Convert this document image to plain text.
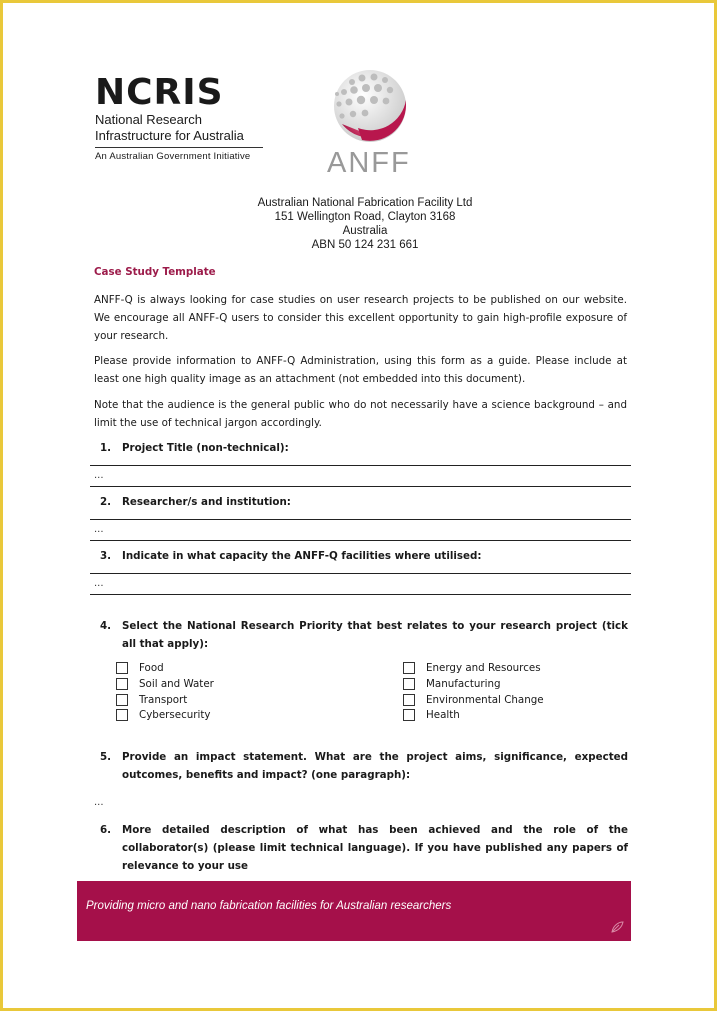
NCRIS
National Research
Infrastructure for Australia
An Australian Government Initiative	ANFF
Australian National Fabrication Facility Ltd
151 Wellington Road, Clayton 3168
Australia
ABN 50 124 231 661
Case Study Template
ANFF-Q is always looking for case studies on user research projects to be published on our website. We encourage all ANFF-Q users to consider this excellent opportunity to gain high-profile exposure of your research.
Please provide information to ANFF-Q Administration, using this form as a guide. Please include at least one high quality image as an attachment (not embedded into this document).
Note that the audience is the general public who do not necessarily have a science background – and limit the use of technical jargon accordingly.
1.	Project Title (non-technical):
...
2.	Researcher/s and institution:
...
3.	Indicate in what capacity the ANFF-Q facilities where utilised:
...
4.	Select the National Research Priority that best relates to your research project (tick all that apply):
Food
Soil and Water
Transport
Cybersecurity
Energy and Resources
Manufacturing
Environmental Change
Health
5.	Provide an impact statement. What are the project aims, significance, expected outcomes, benefits and impact? (one paragraph):
...
6.	More detailed description of what has been achieved and the role of the collaborator(s) (please limit technical language). If you have published any papers of relevance to your use
Providing micro and nano fabrication facilities for Australian researchers
